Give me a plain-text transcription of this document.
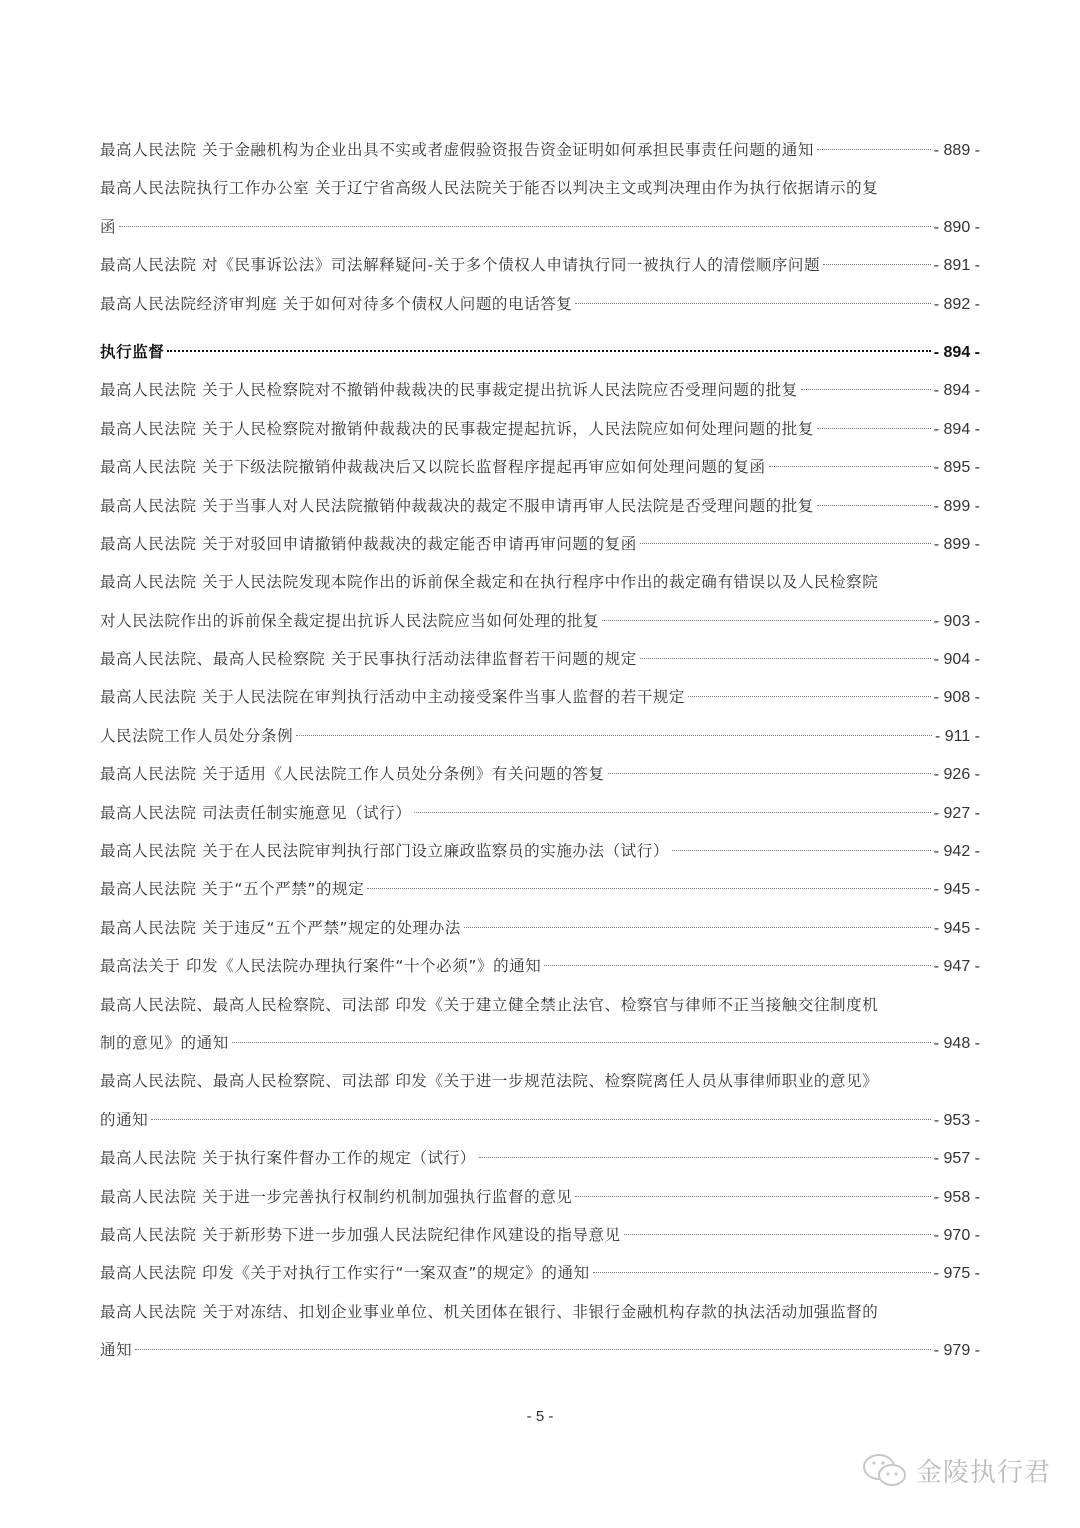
最高人民法院 关于金融机构为企业出具不实或者虚假验资报告资金证明如何承担民事责任问题的通知	- 889 -
最高人民法院执行工作办公室 关于辽宁省高级人民法院关于能否以判决主文或判决理由作为执行依据请示的复
函	- 890 -
最高人民法院 对《民事诉讼法》司法解释疑问-关于多个债权人申请执行同一被执行人的清偿顺序问题	- 891 -
最高人民法院经济审判庭 关于如何对待多个债权人问题的电话答复	- 892 -
执行监督	- 894 -
最高人民法院 关于人民检察院对不撤销仲裁裁决的民事裁定提出抗诉人民法院应否受理问题的批复	- 894 -
最高人民法院 关于人民检察院对撤销仲裁裁决的民事裁定提起抗诉，人民法院应如何处理问题的批复	- 894 -
最高人民法院 关于下级法院撤销仲裁裁决后又以院长监督程序提起再审应如何处理问题的复函	- 895 -
最高人民法院 关于当事人对人民法院撤销仲裁裁决的裁定不服申请再审人民法院是否受理问题的批复	- 899 -
最高人民法院 关于对驳回申请撤销仲裁裁决的裁定能否申请再审问题的复函	- 899 -
最高人民法院 关于人民法院发现本院作出的诉前保全裁定和在执行程序中作出的裁定确有错误以及人民检察院
对人民法院作出的诉前保全裁定提出抗诉人民法院应当如何处理的批复	- 903 -
最高人民法院、最高人民检察院 关于民事执行活动法律监督若干问题的规定	- 904 -
最高人民法院 关于人民法院在审判执行活动中主动接受案件当事人监督的若干规定	- 908 -
人民法院工作人员处分条例	- 911 -
最高人民法院 关于适用《人民法院工作人员处分条例》有关问题的答复	- 926 -
最高人民法院 司法责任制实施意见（试行）	- 927 -
最高人民法院 关于在人民法院审判执行部门设立廉政监察员的实施办法（试行）	- 942 -
最高人民法院 关于“五个严禁”的规定	- 945 -
最高人民法院 关于违反“五个严禁”规定的处理办法	- 945 -
最高法关于 印发《人民法院办理执行案件“十个必须”》的通知	- 947 -
最高人民法院、最高人民检察院、司法部 印发《关于建立健全禁止法官、检察官与律师不正当接触交往制度机
制的意见》的通知	- 948 -
最高人民法院、最高人民检察院、司法部 印发《关于进一步规范法院、检察院离任人员从事律师职业的意见》
的通知	- 953 -
最高人民法院 关于执行案件督办工作的规定（试行）	- 957 -
最高人民法院 关于进一步完善执行权制约机制加强执行监督的意见	- 958 -
最高人民法院 关于新形势下进一步加强人民法院纪律作风建设的指导意见	- 970 -
最高人民法院 印发《关于对执行工作实行“一案双查”的规定》的通知	- 975 -
最高人民法院 关于对冻结、扣划企业事业单位、机关团体在银行、非银行金融机构存款的执法活动加强监督的
通知	- 979 -
- 5 -
金陵执行君
